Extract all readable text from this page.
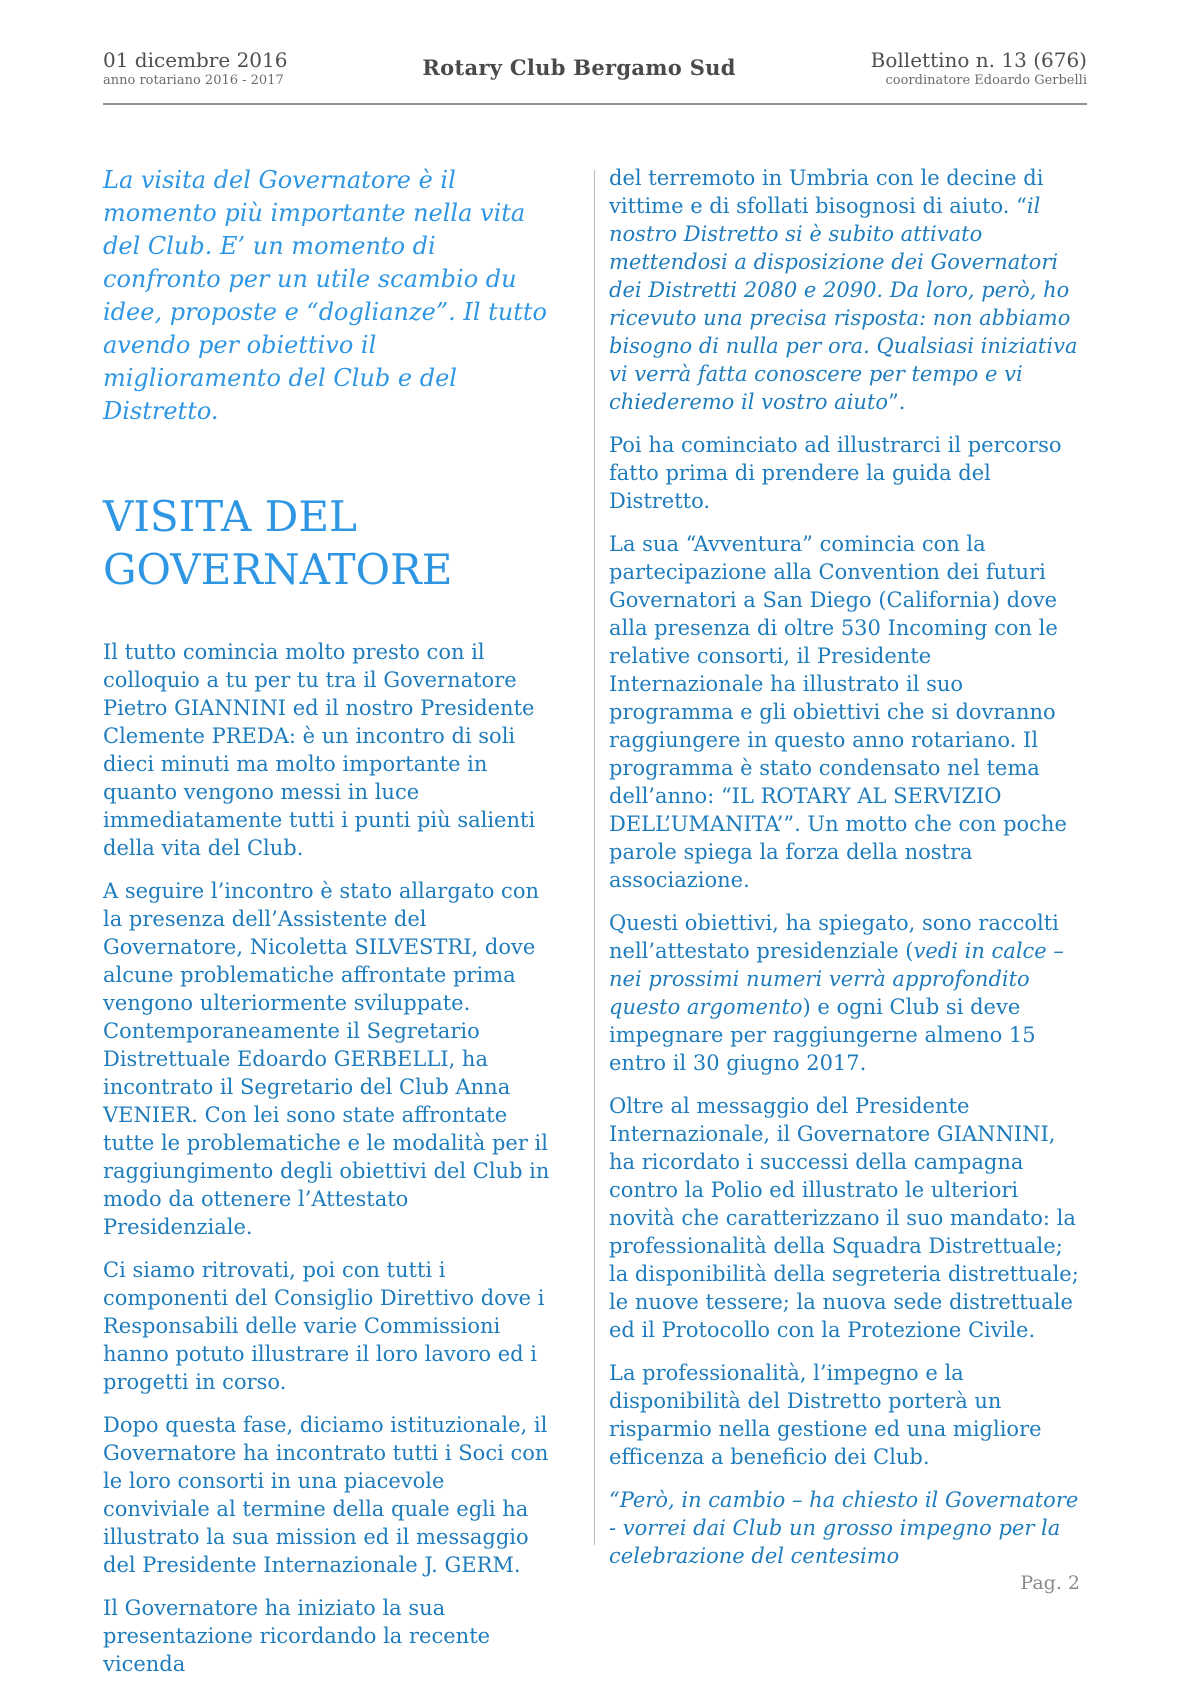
01 dicembre 2016
anno rotariano 2016 - 2017
Rotary Club Bergamo Sud	Bollettino n. 13 (676)
coordinatore Edoardo Gerbelli

La visita del Governatore è il momento più importante nella vita del Club. E’ un momento di confronto per un utile scambio du idee, proposte e “doglianze”. Il tutto avendo per obiettivo il miglioramento del Club e del Distretto.

VISITA DEL GOVERNATORE

Il tutto comincia molto presto con il colloquio a tu per tu tra il Governatore Pietro GIANNINI ed il nostro Presidente Clemente PREDA: è un incontro di soli dieci minuti ma molto importante in quanto vengono messi in luce immediatamente tutti i punti più salienti della vita del Club.

A seguire l’incontro è stato allargato con la presenza dell’Assistente del Governatore, Nicoletta SILVESTRI, dove alcune problematiche affrontate prima vengono ulteriormente sviluppate. Contemporaneamente il Segretario Distrettuale Edoardo GERBELLI, ha incontrato il Segretario del Club Anna VENIER. Con lei sono state affrontate tutte le problematiche e le modalità per il raggiungimento degli obiettivi del Club in modo da ottenere l’Attestato Presidenziale.

Ci siamo ritrovati, poi con tutti i componenti del Consiglio Direttivo dove i Responsabili delle varie Commissioni hanno potuto illustrare il loro lavoro ed i progetti in corso.

Dopo questa fase, diciamo istituzionale, il Governatore ha incontrato tutti i Soci con le loro consorti in una piacevole conviviale al termine della quale egli ha illustrato la sua mission ed il messaggio del Presidente Internazionale J. GERM.

Il Governatore ha iniziato la sua presentazione ricordando la recente vicenda

del terremoto in Umbria con le decine di vittime e di sfollati bisognosi di aiuto. “il nostro Distretto si è subito attivato mettendosi a disposizione dei Governatori dei Distretti 2080 e 2090. Da loro, però, ho ricevuto una precisa risposta: non abbiamo bisogno di nulla per ora. Qualsiasi iniziativa vi verrà fatta conoscere per tempo e vi chiederemo il vostro aiuto”.

Poi ha cominciato ad illustrarci il percorso fatto prima di prendere la guida del Distretto.

La sua “Avventura” comincia con la partecipazione alla Convention dei futuri Governatori a San Diego (California) dove alla presenza di oltre 530 Incoming con le relative consorti, il Presidente Internazionale ha illustrato il suo programma e gli obiettivi che si dovranno raggiungere in questo anno rotariano. Il programma è stato condensato nel tema dell’anno: “IL ROTARY AL SERVIZIO DELL’UMANITA’”. Un motto che con poche parole spiega la forza della nostra associazione.

Questi obiettivi, ha spiegato, sono raccolti nell’attestato presidenziale (vedi in calce – nei prossimi numeri verrà approfondito questo argomento) e ogni Club si deve impegnare per raggiungerne almeno 15 entro il 30 giugno 2017.

Oltre al messaggio del Presidente Internazionale, il Governatore GIANNINI, ha ricordato i successi della campagna contro la Polio ed illustrato le ulteriori novità che caratterizzano il suo mandato: la professionalità della Squadra Distrettuale; la disponibilità della segreteria distrettuale; le nuove tessere; la nuova sede distrettuale ed il Protocollo con la Protezione Civile.

La professionalità, l’impegno e la disponibilità del Distretto porterà un risparmio nella gestione ed una migliore efficenza a beneficio dei Club.

“Però, in cambio – ha chiesto il Governatore - vorrei dai Club un grosso impegno per la celebrazione del centesimo

Pag. 2
